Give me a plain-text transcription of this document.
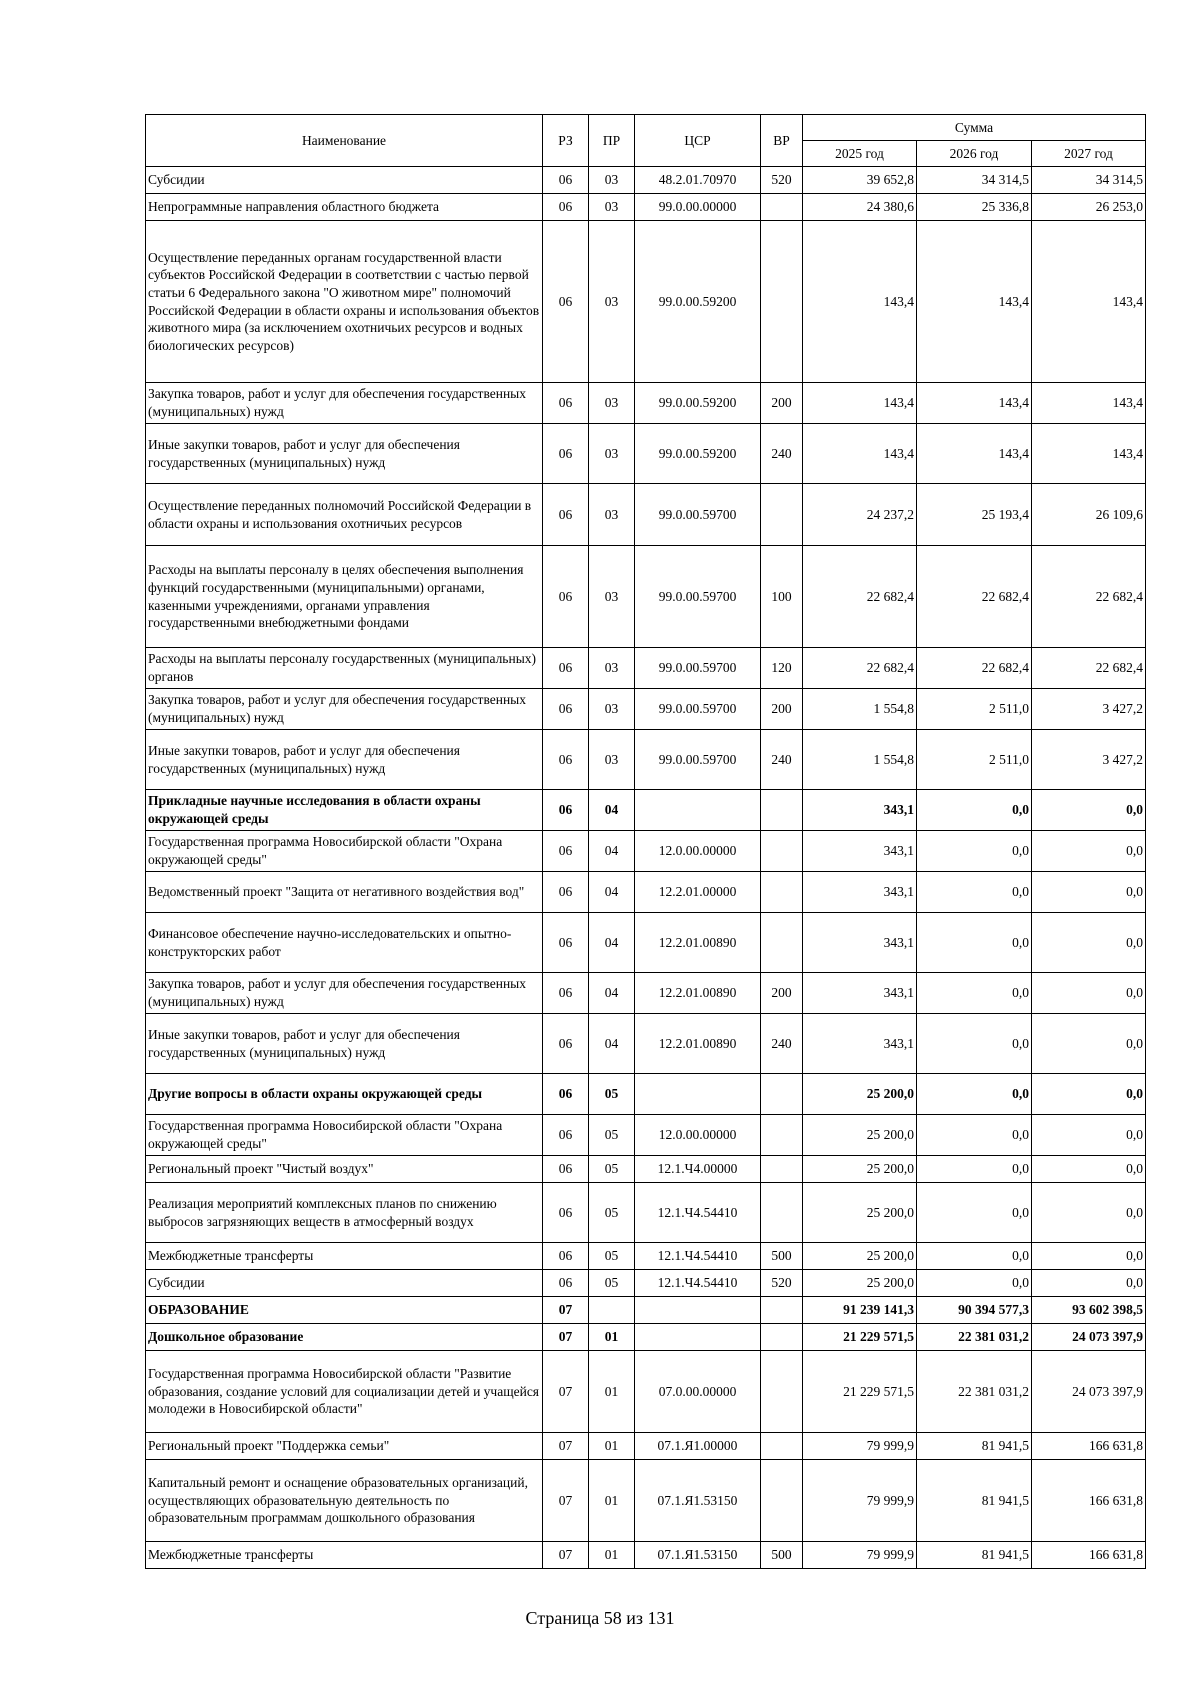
Наименование	РЗ	ПР	ЦСР	ВР	Сумма		
					2025 год	2026 год	2027 год
Субсидии	06	03	48.2.01.70970	520	39 652,8	34 314,5	34 314,5
Непрограммные направления областного бюджета	06	03	99.0.00.00000		24 380,6	25 336,8	26 253,0
Осуществление переданных органам государственной власти субъектов Российской Федерации в соответствии с частью первой статьи 6 Федерального закона "О животном мире" полномочий Российской Федерации в области охраны и использования объектов животного мира (за исключением охотничьих ресурсов и водных биологических ресурсов)	06	03	99.0.00.59200		143,4	143,4	143,4
Закупка товаров, работ и услуг для обеспечения государственных (муниципальных) нужд	06	03	99.0.00.59200	200	143,4	143,4	143,4
Иные закупки товаров, работ и услуг для обеспечения государственных (муниципальных) нужд	06	03	99.0.00.59200	240	143,4	143,4	143,4
Осуществление переданных полномочий Российской Федерации в области охраны и использования охотничьих ресурсов	06	03	99.0.00.59700		24 237,2	25 193,4	26 109,6
Расходы на выплаты персоналу в целях обеспечения выполнения функций государственными (муниципальными) органами, казенными учреждениями, органами управления государственными внебюджетными фондами	06	03	99.0.00.59700	100	22 682,4	22 682,4	22 682,4
Расходы на выплаты персоналу государственных (муниципальных) органов	06	03	99.0.00.59700	120	22 682,4	22 682,4	22 682,4
Закупка товаров, работ и услуг для обеспечения государственных (муниципальных) нужд	06	03	99.0.00.59700	200	1 554,8	2 511,0	3 427,2
Иные закупки товаров, работ и услуг для обеспечения государственных (муниципальных) нужд	06	03	99.0.00.59700	240	1 554,8	2 511,0	3 427,2
Прикладные научные исследования в области охраны окружающей среды	06	04			343,1	0,0	0,0
Государственная программа Новосибирской области "Охрана окружающей среды"	06	04	12.0.00.00000		343,1	0,0	0,0
Ведомственный проект "Защита от негативного воздействия вод"	06	04	12.2.01.00000		343,1	0,0	0,0
Финансовое обеспечение научно-исследовательских и опытно-конструкторских работ	06	04	12.2.01.00890		343,1	0,0	0,0
Закупка товаров, работ и услуг для обеспечения государственных (муниципальных) нужд	06	04	12.2.01.00890	200	343,1	0,0	0,0
Иные закупки товаров, работ и услуг для обеспечения государственных (муниципальных) нужд	06	04	12.2.01.00890	240	343,1	0,0	0,0
Другие вопросы в области охраны окружающей среды	06	05			25 200,0	0,0	0,0
Государственная программа Новосибирской области "Охрана окружающей среды"	06	05	12.0.00.00000		25 200,0	0,0	0,0
Региональный проект "Чистый воздух"	06	05	12.1.Ч4.00000		25 200,0	0,0	0,0
Реализация мероприятий комплексных планов по снижению выбросов загрязняющих веществ в атмосферный воздух	06	05	12.1.Ч4.54410		25 200,0	0,0	0,0
Межбюджетные трансферты	06	05	12.1.Ч4.54410	500	25 200,0	0,0	0,0
Субсидии	06	05	12.1.Ч4.54410	520	25 200,0	0,0	0,0
ОБРАЗОВАНИЕ	07				91 239 141,3	90 394 577,3	93 602 398,5
Дошкольное образование	07	01			21 229 571,5	22 381 031,2	24 073 397,9
Государственная программа Новосибирской области "Развитие образования, создание условий для социализации детей и учащейся молодежи в Новосибирской области"	07	01	07.0.00.00000		21 229 571,5	22 381 031,2	24 073 397,9
Региональный проект "Поддержка семьи"	07	01	07.1.Я1.00000		79 999,9	81 941,5	166 631,8
Капитальный ремонт и оснащение образовательных организаций, осуществляющих образовательную деятельность по образовательным программам дошкольного образования	07	01	07.1.Я1.53150		79 999,9	81 941,5	166 631,8
Межбюджетные трансферты	07	01	07.1.Я1.53150	500	79 999,9	81 941,5	166 631,8
Страница 58 из 131
